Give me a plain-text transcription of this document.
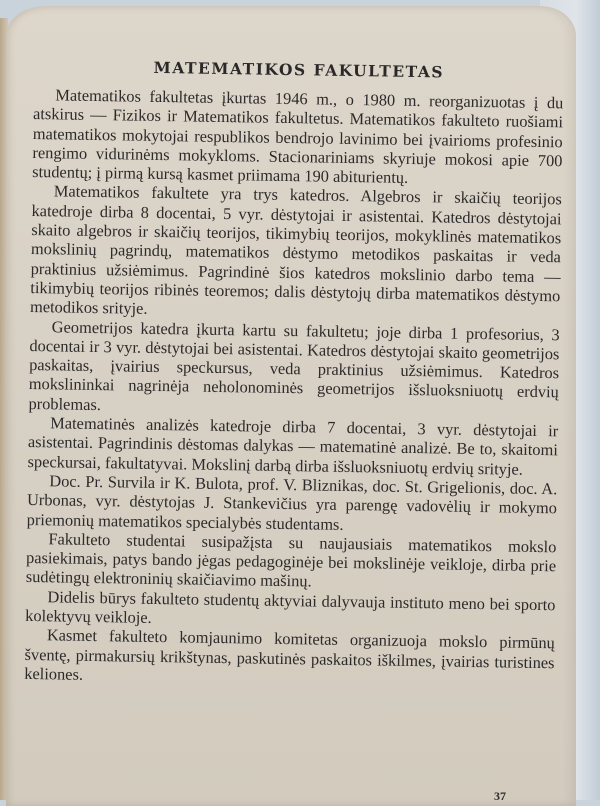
MATEMATIKOS FAKULTETAS

Matematikos fakultetas įkurtas 1946 m., o 1980 m. reorganizuotas į du atskirus — Fizikos ir Matematikos fakultetus. Matematikos fakulteto ruošiami matematikos mokytojai respublikos bendrojo lavinimo bei įvairioms profesinio rengimo vidurinėms mokykloms. Stacionariniams skyriuje mokosi apie 700 studentų; į pirmą kursą kasmet priimama 190 abiturientų.

Matematikos fakultete yra trys katedros. Algebros ir skaičių teorijos katedroje dirba 8 docentai, 5 vyr. dėstytojai ir asistentai. Katedros dėstytojai skaito algebros ir skaičių teorijos, tikimybių teorijos, mokyklinės matematikos mokslinių pagrindų, matematikos dėstymo metodikos paskaitas ir veda praktinius užsiėmimus. Pagrindinė šios katedros mokslinio darbo tema — tikimybių teorijos ribinės teoremos; dalis dėstytojų dirba matematikos dėstymo metodikos srityje.

Geometrijos katedra įkurta kartu su fakultetu; joje dirba 1 profesorius, 3 docentai ir 3 vyr. dėstytojai bei asistentai. Katedros dėstytojai skaito geometrijos paskaitas, įvairius speckursus, veda praktinius užsiėmimus. Katedros mokslininkai nagrinėja neholonominės geometrijos išsluoksniuotų erdvių problemas.

Matematinės analizės katedroje dirba 7 docentai, 3 vyr. dėstytojai ir asistentai. Pagrindinis dėstomas dalykas — matematinė analizė. Be to, skaitomi speckursai, fakultatyvai. Mokslinį darbą dirba išsluoksniuotų erdvių srityje.

Doc. Pr. Survila ir K. Bulota, prof. V. Bliznikas, doc. St. Grigelionis, doc. A. Urbonas, vyr. dėstytojas J. Stankevičius yra parengę vadovėlių ir mokymo priemonių matematikos specialybės studentams.

Fakulteto studentai susipažįsta su naujausiais matematikos mokslo pasiekimais, patys bando jėgas pedagoginėje bei mokslinėje veikloje, dirba prie sudėtingų elektroninių skaičiavimo mašinų.

Didelis būrys fakulteto studentų aktyviai dalyvauja instituto meno bei sporto kolektyvų veikloje.

Kasmet fakulteto komjaunimo komitetas organizuoja mokslo pirmūnų šventę, pirmakursių krikštynas, paskutinės paskaitos iškilmes, įvairias turistines keliones.

37
